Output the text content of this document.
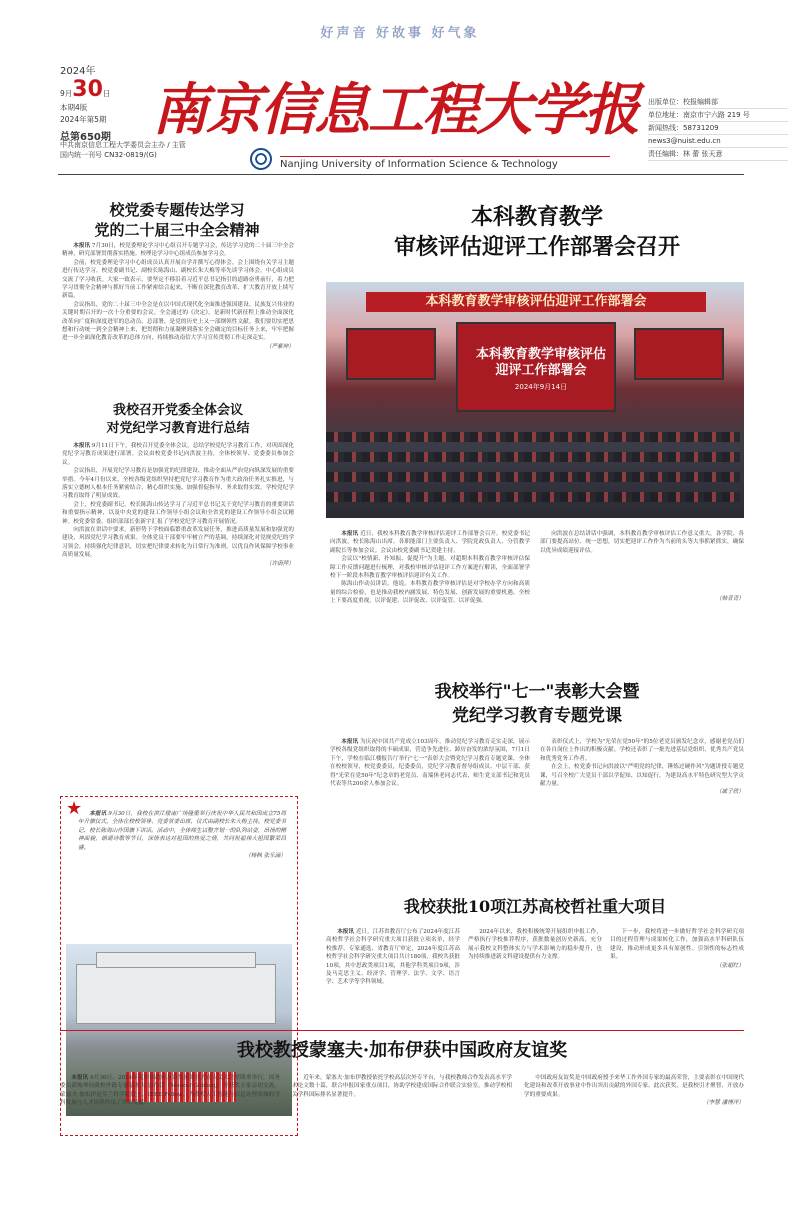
好声音 好故事 好气象
2024年
9月30日
本期4版
2024年第5期
总第650期
中共南京信息工程大学委员会主办 / 主管
国内统一刊号 CN32-0819/(G)
南京信息工程大学报
Nanjing University of Information Science & Technology
出版单位：校报编辑部
单位地址：南京市宁六路 219 号
新闻热线：58731209
news3@nuist.edu.cn
责任编辑：林 蕾 张天意
校党委专题传达学习
党的二十届三中全会精神

本报讯 7月30日，校党委理论学习中心组召开专题学习会，传达学习党的二十届三中全会精神，研究部署贯彻落实措施。校理论学习中心组成员参加学习会。

会前，校党委理论学习中心组成员认真开展自学并撰写心得体会。会上围绕有关学习主题进行传达学习。校党委副书记、副校长陈海山、副校长朱大梅等率先谈学习体会，中心组成员交流了学习收获。大家一致表示，要坚定不移沿着习近平总书记指引的道路奋勇前行，着力把学习贯彻全会精神与抓好当前工作紧密结合起来，不断在深化教育改革、扩大教育开放上续写新篇。

会议指出，党的二十届三中全会是在以中国式现代化全面推进强国建设、民族复兴伟业的关键时期召开的一次十分重要的会议。全会通过的《决定》，是新时代新征程上推动全面深化改革向广度和深度进军的总动员、总部署，是党的历史上又一部纲领性文献。我们要切实把思想和行动统一到全会精神上来，把贯彻和力量凝聚到落实全会确定的目标任务上来，牢牢把握进一步全面深化教育改革的总体方向，持续推动南信大学习宣传贯彻工作走深走实。

（严紫坤）
我校召开党委全体会议
对党纪学习教育进行总结

本报讯 9月11日下午，我校召开党委全体会议，总结学校党纪学习教育工作，对巩固深化党纪学习教育成果进行部署。会议由校党委书记向洪波主持，全体校领导、党委委员参加会议。

会议指出，开展党纪学习教育是加强党的纪律建设、推动全面从严治党向纵深发展的重要举措。今年4月份以来，全校各级党组织坚持把党纪学习教育作为重大政治任务扎实推进，与落实立德树人根本任务紧密结合，精心组织实施、加强督促指导、务求取得实效。学校党纪学习教育取得了明显成效。

会上，校党委副书记，校长陈海山传达学习了习近平总书记关于党纪学习教育的重要讲话和重要指示精神，以及中央党的建设工作领导小组会议和全省党的建设工作领导小组会议精神。校党委常委、组织部部长张新宇汇报了学校党纪学习教育开展情况。

向洪波在讲话中要求，新形势下学校面临繁重改革发展任务，推进高质量发展和加强党的建设，巩固党纪学习教育成果。全体党员干部要牢牢树立严的基调，持续深化对党规党纪的学习领会，持续强化纪律意识，切实把纪律要求转化为日常行为准则，以优良作风保障学校事业高质量发展。

（许蔚萍）
本科教育教学
审核评估迎评工作部署会召开
本科教育教学审核评估迎评工作部署会
本科教育教学审核评估
迎评工作部署会
2024年9月14日

本报讯 近日，我校本科教育教学审核评估迎评工作部署会召开。校党委书记向洪波，校长陈海山出席。各职能部门主要负责人、学院党政负责人、分管教学副院长等参加会议。会议由校党委副书记贺建主持。

会议以"校情新、扑知振、促提升"为主题，对超期本科教育教学审核评估保障工作反馈问题进行梳理，对我校审核评估迎评工作方案进行解读，全面部署学校下一阶段本科教育教学审核评估迎评有关工作。

陈海山作动员讲话。他说，本科教育教学审核评估是对学校办学方向和高质量的综合检验，也是推动我校内涵发展、特色发展、创新发展的重要机遇。全校上下要高度重视，以评促建、以评促改、以评促管、以评促强。

向洪波在总结讲话中强调，本科教育教学审核评估工作意义重大，各学院、各部门要提高站位、统一思想，切实把迎评工作作为当前的头等大事抓紧抓实，确保以优异成绩迎接评估。

（韩青青）
我校举行"七一"表彰大会暨
党纪学习教育专题党课

本报讯 为庆祝中国共产党成立103周年，推动党纪学习教育走实走深，展示学校各级党组织取得的丰硕成果，营造争先进位、踔厉奋发的浓厚氛围，7月1日下午，学校在临江楼报告厅举行"七一"表彰大会暨党纪学习教育专题党课。全体在校校领导，校党委委员，纪委委员，党纪学习教育督导组成员、中层干部、获得"光荣在党50年"纪念章的老党员、南端休老同志代表，师生党支部书记和党员代表等共200余人参加会议。

表彰仪式上，学校为"光荣在党50年"的5位老党员颁发纪念章，感谢老党员们在各自岗位上作出的积极贡献。学校还表彰了一批先进基层党组织、优秀共产党员和优秀党务工作者。

在会上，校党委书记向洪波以"严明党的纪律，锤炼过硬作风"为题讲授专题党课，号召全校广大党员干部以学促知、以知促行，为建设高水平特色研究型大学贡献力量。

（戚子欣）
★	本报讯 9月30日，我校在滨江楼南广场隆重举行庆祝中华人民共和国成立75周年升旗仪式。全体在校校领导、党委常委出席，仪式由副校长朱大梅主持。校党委书记、校长陈海山作国旗下讲话。活动中，全体师生以整齐划一的队列站姿，昂扬的精神面貌，朗诵诗歌等节目，深情表达对祖国的热爱之情，共同祝福伟大祖国繁荣昌盛。

（杨枫 张乐涵）
我校获批10项江苏高校哲社重大项目

本报讯 近日，江苏省教育厅公布了2024年度江苏高校哲学社会科学研究重大项目获批立项名单，经学校推荐、专家通选、省教育厅审定，2024年度江苏高校哲学社会科学研究重大项目共计180项，我校共获批10项，其中思政类项目1项，其他学科类项目9项，涉及马克思主义、经济学、管理学、法学、文学、语言学、艺术学等学科领域。

2024年以来，我校积极统筹开展组织申报工作，严格执行学校推荐程序，获批数量创历史新高，充分展示我校文科整体实力与学术影响力的稳步提升，也为持续推进新文科建设提供有力支撑。

下一步，我校将进一步做好哲学社会科学研究项目的过程管理与成果转化工作，加强高水平科研队伍建设，推动形成更多具有原创性、引领性的标志性成果。

（张超红）
我校教授蒙塞夫·加布伊获中国政府友谊奖

本报讯 9月30日，2024年度中国政府友谊奖颁奖仪式在人民大会堂隆重举行，国务委员谌贻琴同我校外籍专家蒙塞夫·加布伊（Moncef Gabbouj）等获奖专家亲切交流。蒙塞夫·加布伊是芬兰科学院院士、IEEE Fellow，为我校人工智能与信息处理领域的学科发展与人才培养作出了突出贡献。

近年来，蒙塞夫·加布伊教授依托学校高层次外专平台，与我校教师合作发表高水平学术论文数十篇，联合申报国家重点项目，协助学校建成国际合作联合实验室，推动学校相关学科国际排名显著提升。

中国政府友谊奖是中国政府授予来华工作外国专家的最高荣誉，主要表彰在中国现代化建设和改革开放事业中作出突出贡献的外国专家。此次获奖，是我校引才聚智、开放办学的重要成果。

（李慧 潘博洋）
